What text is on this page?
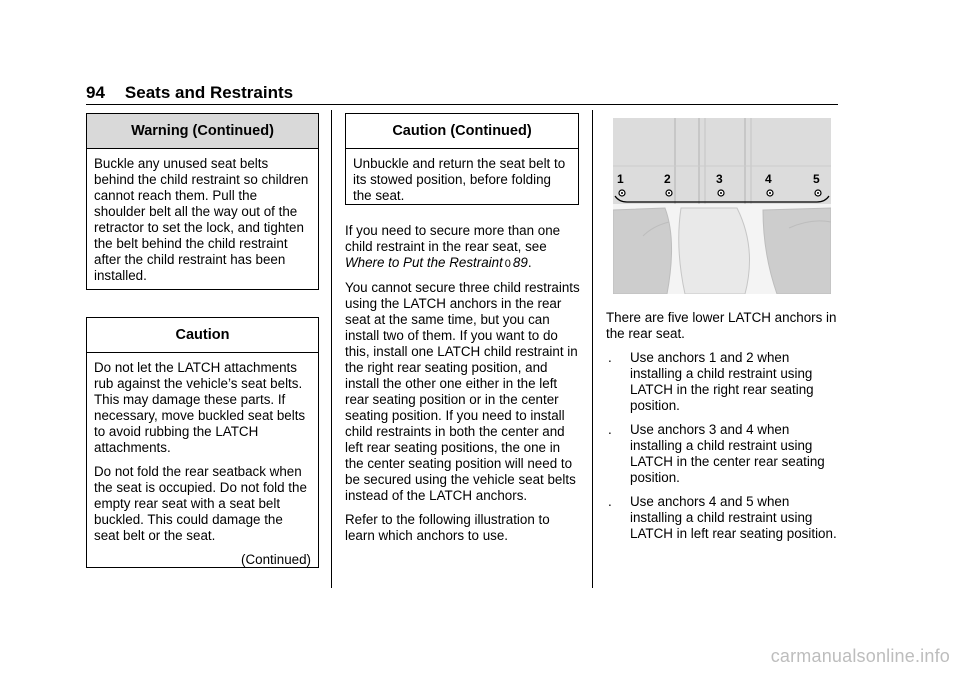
94 Seats and Restraints
Warning (Continued)

Buckle any unused seat belts behind the child restraint so children cannot reach them. Pull the shoulder belt all the way out of the retractor to set the lock, and tighten the belt behind the child restraint after the child restraint has been installed.

Caution

Do not let the LATCH attachments rub against the vehicle’s seat belts. This may damage these parts. If necessary, move buckled seat belts to avoid rubbing the LATCH attachments.

Do not fold the rear seatback when the seat is occupied. Do not fold the empty rear seat with a seat belt buckled. This could damage the seat belt or the seat.

(Continued)
Caution (Continued)

Unbuckle and return the seat belt to its stowed position, before folding the seat.

If you need to secure more than one child restraint in the rear seat, see Where to Put the Restraint 0 89.

You cannot secure three child restraints using the LATCH anchors in the rear seat at the same time, but you can install two of them. If you want to do this, install one LATCH child restraint in the right rear seating position, and install the other one either in the left rear seating position or in the center seating position. If you need to install child restraints in both the center and left rear seating positions, the one in the center seating position will need to be secured using the vehicle seat belts instead of the LATCH anchors.

Refer to the following illustration to learn which anchors to use.

1	2	3	4	5

There are five lower LATCH anchors in the rear seat.

. Use anchors 1 and 2 when installing a child restraint using LATCH in the right rear seating position.
. Use anchors 3 and 4 when installing a child restraint using LATCH in the center rear seating position.
. Use anchors 4 and 5 when installing a child restraint using LATCH in left rear seating position.
carmanualsonline.info
